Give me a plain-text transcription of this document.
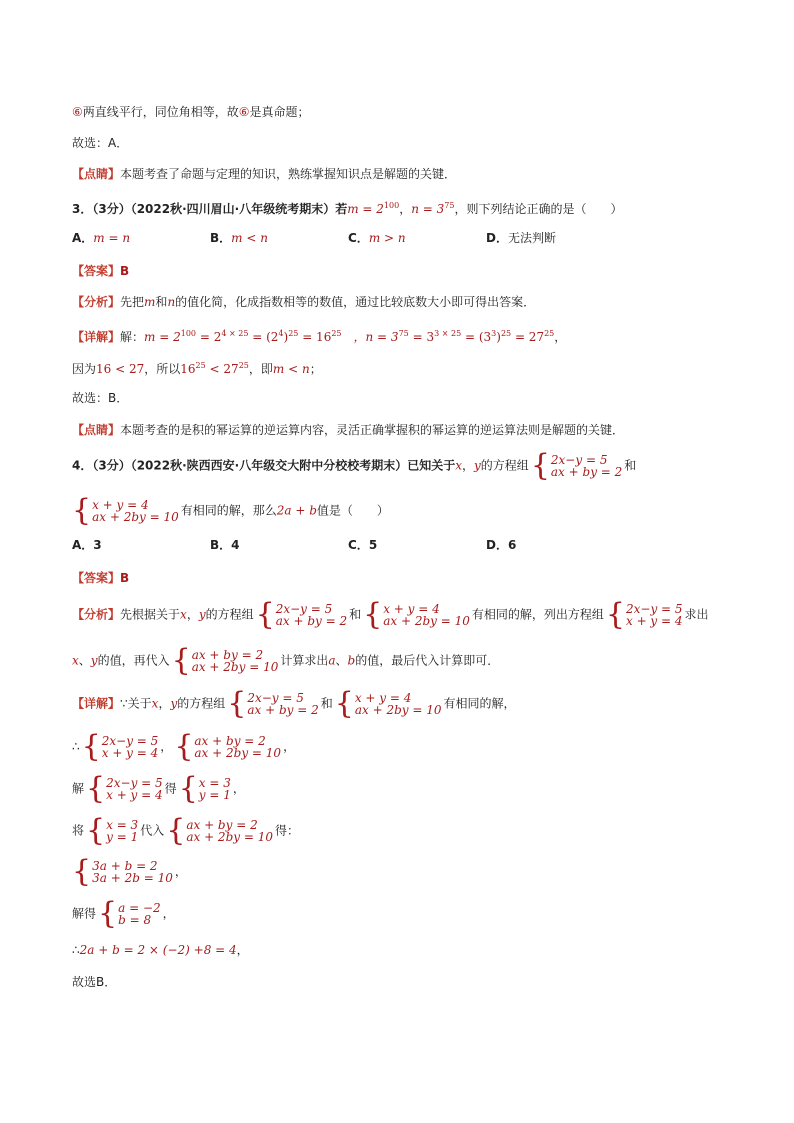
⑥两直线平行，同位角相等，故⑥是真命题；
故选：A．
【点睛】本题考查了命题与定理的知识，熟练掌握知识点是解题的关键．
3．（3分）（2022秋·四川眉山·八年级统考期末）若$m = 2^{100}$，$n = 3^{75}$，则下列结论正确的是（　　）
A．m = n	B．m < n	C．m > n	D．无法判断
【答案】B
【分析】先把m和n的值化简，化成指数相等的数值，通过比较底数大小即可得出答案．
【详解】解：$m = 2^{100} = 2^{4 \times 25} = (2^4)^{25} = 16^{25}$　，$n = 3^{75} = 3^{3 \times 25} = (3^3)^{25} = 27^{25}$，
因为16 < 27，所以$16^{25} < 27^{25}$，即m < n；
故选：B．
【点睛】本题考查的是积的幂运算的逆运算内容，灵活正确掌握积的幂运算的逆运算法则是解题的关键．
4．（3分）（2022秋·陕西西安·八年级交大附中分校校考期末）已知关于x，y的方程组 { 2x−y = 5
ax + by = 2 和
{ x + y = 4
ax + 2by = 10 有相同的解，那么2a + b值是（　　）
A．3	B．4	C．5	D．6
【答案】B
【分析】先根据关于x，y的方程组 { 2x−y = 5
ax + by = 2 和 { x + y = 4
ax + 2by = 10 有相同的解，列出方程组 { 2x−y = 5
x + y = 4 求出
x、y的值，再代入 { ax + by = 2
ax + 2by = 10 计算求出a、b的值，最后代入计算即可．
【详解】∵关于x，y的方程组 { 2x−y = 5
ax + by = 2 和 { x + y = 4
ax + 2by = 10 有相同的解，
∴ { 2x−y = 5
x + y = 4 ， { ax + by = 2
ax + 2by = 10 ，
解 { 2x−y = 5
x + y = 4 得 { x = 3
y = 1 ，
将 { x = 3
y = 1 代入 { ax + by = 2
ax + 2by = 10 得：
{ 3a + b = 2
3a + 2b = 10 ，
解得 { a = −2
b = 8 ，
∴2a + b = 2 × (−2) +8 = 4，
故选B．
